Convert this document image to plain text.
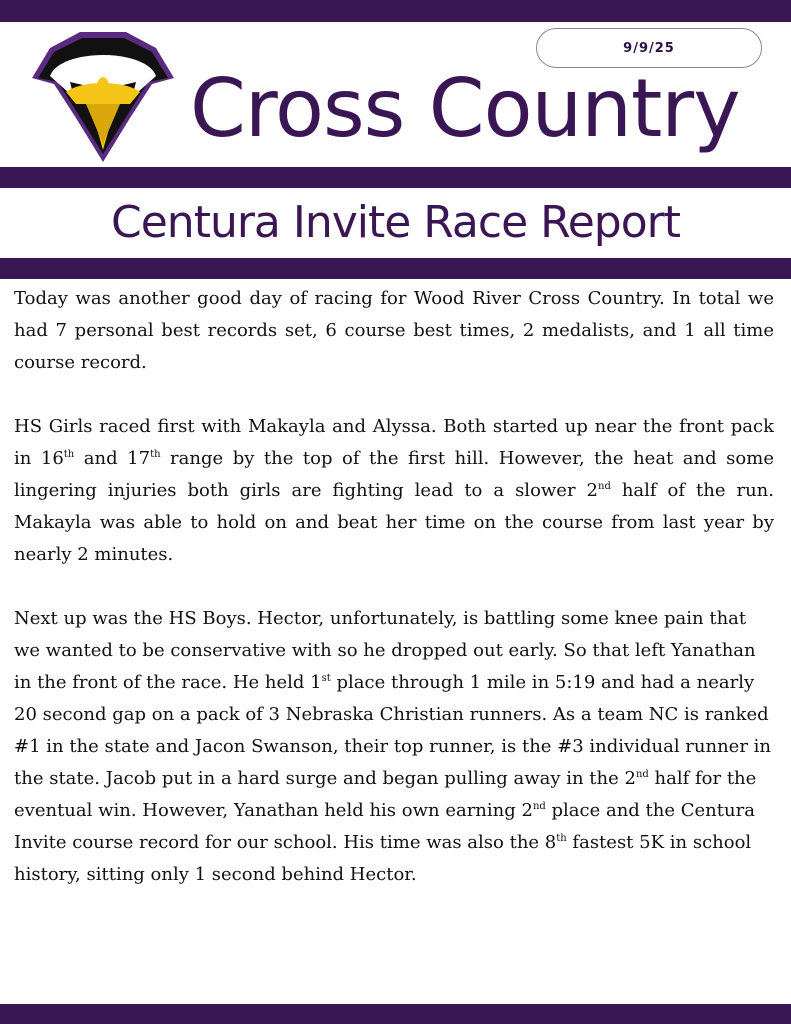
9/9/25
Cross Country
Centura Invite Race Report

Today was another good day of racing for Wood River Cross Country. In total we had 7 personal best records set, 6 course best times, 2 medalists, and 1 all time course record.

HS Girls raced first with Makayla and Alyssa. Both started up near the front pack in 16th and 17th range by the top of the first hill. However, the heat and some lingering injuries both girls are fighting lead to a slower 2nd half of the run. Makayla was able to hold on and beat her time on the course from last year by nearly 2 minutes.

Next up was the HS Boys. Hector, unfortunately, is battling some knee pain that we wanted to be conservative with so he dropped out early. So that left Yanathan in the front of the race. He held 1st place through 1 mile in 5:19 and had a nearly 20 second gap on a pack of 3 Nebraska Christian runners. As a team NC is ranked #1 in the state and Jacon Swanson, their top runner, is the #3 individual runner in the state. Jacob put in a hard surge and began pulling away in the 2nd half for the eventual win. However, Yanathan held his own earning 2nd place and the Centura Invite course record for our school. His time was also the 8th fastest 5K in school history, sitting only 1 second behind Hector.
